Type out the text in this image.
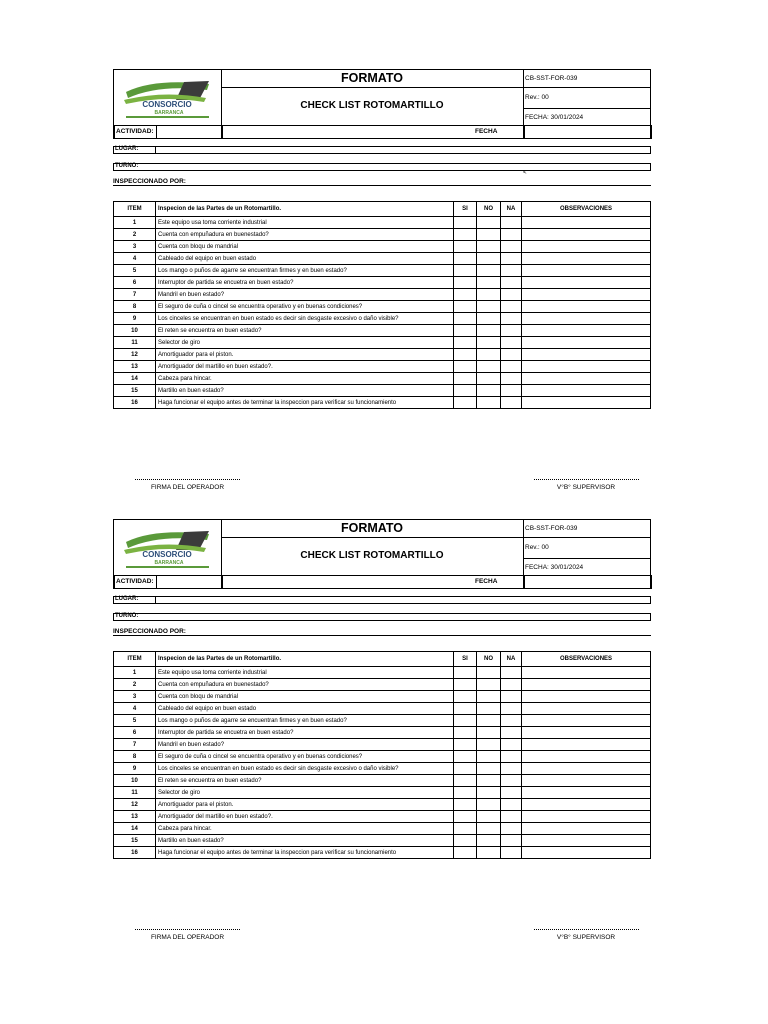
CONSORCIO
BARRANCA
FORMATO
CHECK LIST ROTOMARTILLO
CB-SST-FOR-039
Rev.: 00
FECHA: 30/01/2024
ACTIVIDAD:	FECHA
LUGAR:
TURNO:
<
INSPECCIONADO POR:
ITEM	Inspecion de las Partes de un Rotomartillo.	SI	NO	NA	OBSERVACIONES
1	Este equipo usa toma corriente industrial				
2	Cuenta con empuñadura en buenestado?				
3	Cuenta con bloqu de mandrial				
4	Cableado del equipo en buen estado				
5	Los mango o puños de agarre se encuentran firmes y en buen estado?				
6	Interruptor de partida se encuetra en buen estado?				
7	Mandril en buen estado?				
8	El seguro de cuña o cincel se encuentra operativo y en buenas condiciones?				
9	Los cinceles se encuentran en buen estado es decir sin desgaste excesivo o daño visible?				
10	El reten se encuentra en buen estado?				
11	Selector de giro				
12	Amortiguador para el piston.				
13	Amortiguador del martillo en buen estado?.				
14	Cabeza para hincar.				
15	Martillo en buen estado?				
16	Haga funcionar el equipo antes de terminar la inspeccion para verificar su funcionamiento				
FIRMA DEL OPERADOR	V°B° SUPERVISOR
CONSORCIO
BARRANCA
FORMATO
CHECK LIST ROTOMARTILLO
CB-SST-FOR-039
Rev.: 00
FECHA: 30/01/2024
ACTIVIDAD:	FECHA
LUGAR:
TURNO:
INSPECCIONADO POR:
ITEM	Inspecion de las Partes de un Rotomartillo.	SI	NO	NA	OBSERVACIONES
1	Este equipo usa toma corriente industrial				
2	Cuenta con empuñadura en buenestado?				
3	Cuenta con bloqu de mandrial				
4	Cableado del equipo en buen estado				
5	Los mango o puños de agarre se encuentran firmes y en buen estado?				
6	Interruptor de partida se encuetra en buen estado?				
7	Mandril en buen estado?				
8	El seguro de cuña o cincel se encuentra operativo y en buenas condiciones?				
9	Los cinceles se encuentran en buen estado es decir sin desgaste excesivo o daño visible?				
10	El reten se encuentra en buen estado?				
11	Selector de giro				
12	Amortiguador para el piston.				
13	Amortiguador del martillo en buen estado?.				
14	Cabeza para hincar.				
15	Martillo en buen estado?				
16	Haga funcionar el equipo antes de terminar la inspeccion para verificar su funcionamiento				
FIRMA DEL OPERADOR	V°B° SUPERVISOR
